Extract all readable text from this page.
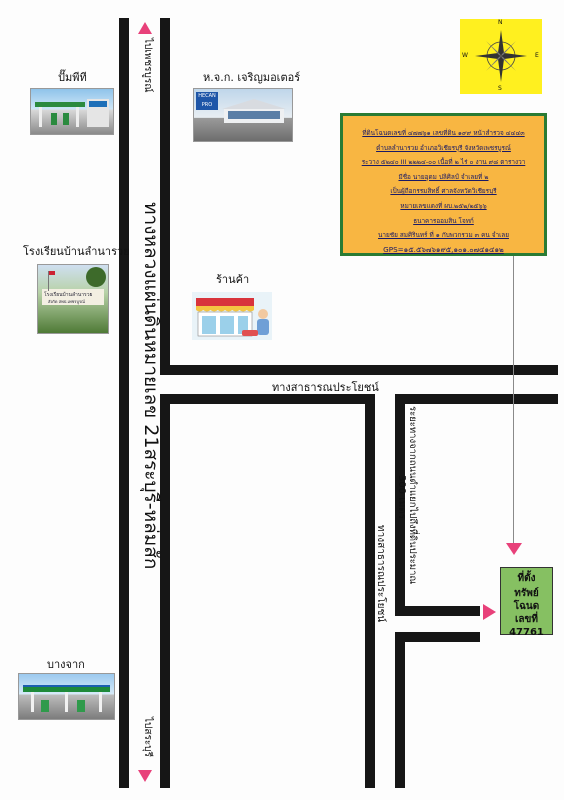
N
S
E
W
ไปเพชรบูรณ์
ทางหลวงแผ่นดินหมายเลข 21สระบุรี-หล่มสัก
ไปสระบุรี
ปั๊มพีที	ห.จ.ก. เจริญมอเตอร์
HECAN PRO
โรงเรียนบ้านลำนารวย
โรงเรียนบ้านลำนารวย
สังกัด สพป.เพชรบูรณ์
ร้านค้า
บางจาก
ทางสาธารณประโยชน์
ทางสาธารณประโยชน์ ระยะทางจากถนนดำแยกไปถึงที่ดินประมาณ
300 เมตร
ที่ดินโฉนดเลขที่ ๔๗๗๖๑ เลขที่ดิน ๑๙๙ หน้าสำรวจ ๔๔๔๓
ตำบลลำนารวย อำเภอวิเชียรบุรี จังหวัดเพชรบูรณ์
ระวาง ๕๒๔๐ III ๒๒๒๔-๐๐ เนื้อที่ ๒ ไร่ ๐ งาน ๙๘ ตารางวา
มีชื่อ นายอุดม ปลิศิลป์ จำเลยที่ ๒
เป็นผู้ถือกรรมสิทธิ์ ศาลจังหวัดวิเชียรบุรี
หมายเลขแดงที่ ผบ.๒๕๒/๒๕๖๖
ธนาคารออมสิน โจทก์
นายชัย สมศิรินทร์ ที่ ๑ กับพวกรวม ๓ คน จำเลย
GPS=๑๕.๕๖๗๖๑๙๕,๑๐๑.๐๗๔๑๔๑๒
ที่ตั้ง
ทรัพย์
โฉนด
เลขที่
47761
